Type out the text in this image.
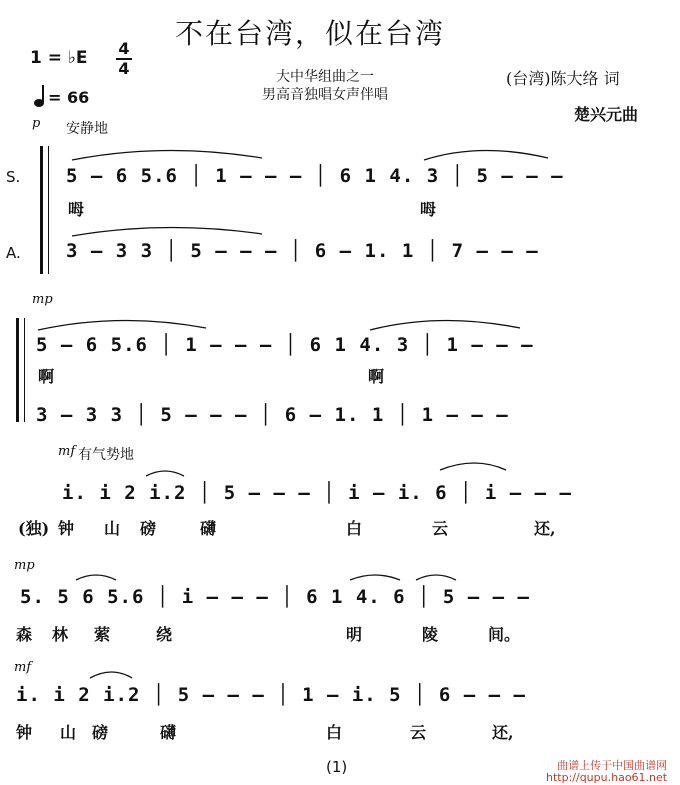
不在台湾，似在台湾
1 = ♭E 4
4
= 66
大中华组曲之一
男高音独唱女声伴唱
(台湾)陈大络 词
楚兴元曲
p 安静地
S.
A.
5 — 6 5.6 │ 1 — — — │ 6 1 4. 3 │ 5 — — —
呣	呣
3 — 3 3 │ 5 — — — │ 6 — 1. 1 │ 7 — — —
mp
5 — 6 5.6 │ 1 — — — │ 6 1 4. 3 │ 1 — — —
啊	啊
3 — 3 3 │ 5 — — — │ 6 — 1. 1 │ 1 — — —
mf 有气势地
i. i 2 i.2 │ 5 — — — │ i — i. 6 │ i — — —
(独) 钟 山 磅	礴	白	云	还,
mp
5. 5 6 5.6 │ i — — — │ 6 1 4. 6 │ 5 — — —
森 林 萦	绕	明	陵	间。
mf
i. i 2 i.2 │ 5 — — — │ 1 — i. 5 │ 6 — — —
钟 山 磅	礴	白	云	还,
(1)	曲谱上传于中国曲谱网
http://qupu.hao61.net
